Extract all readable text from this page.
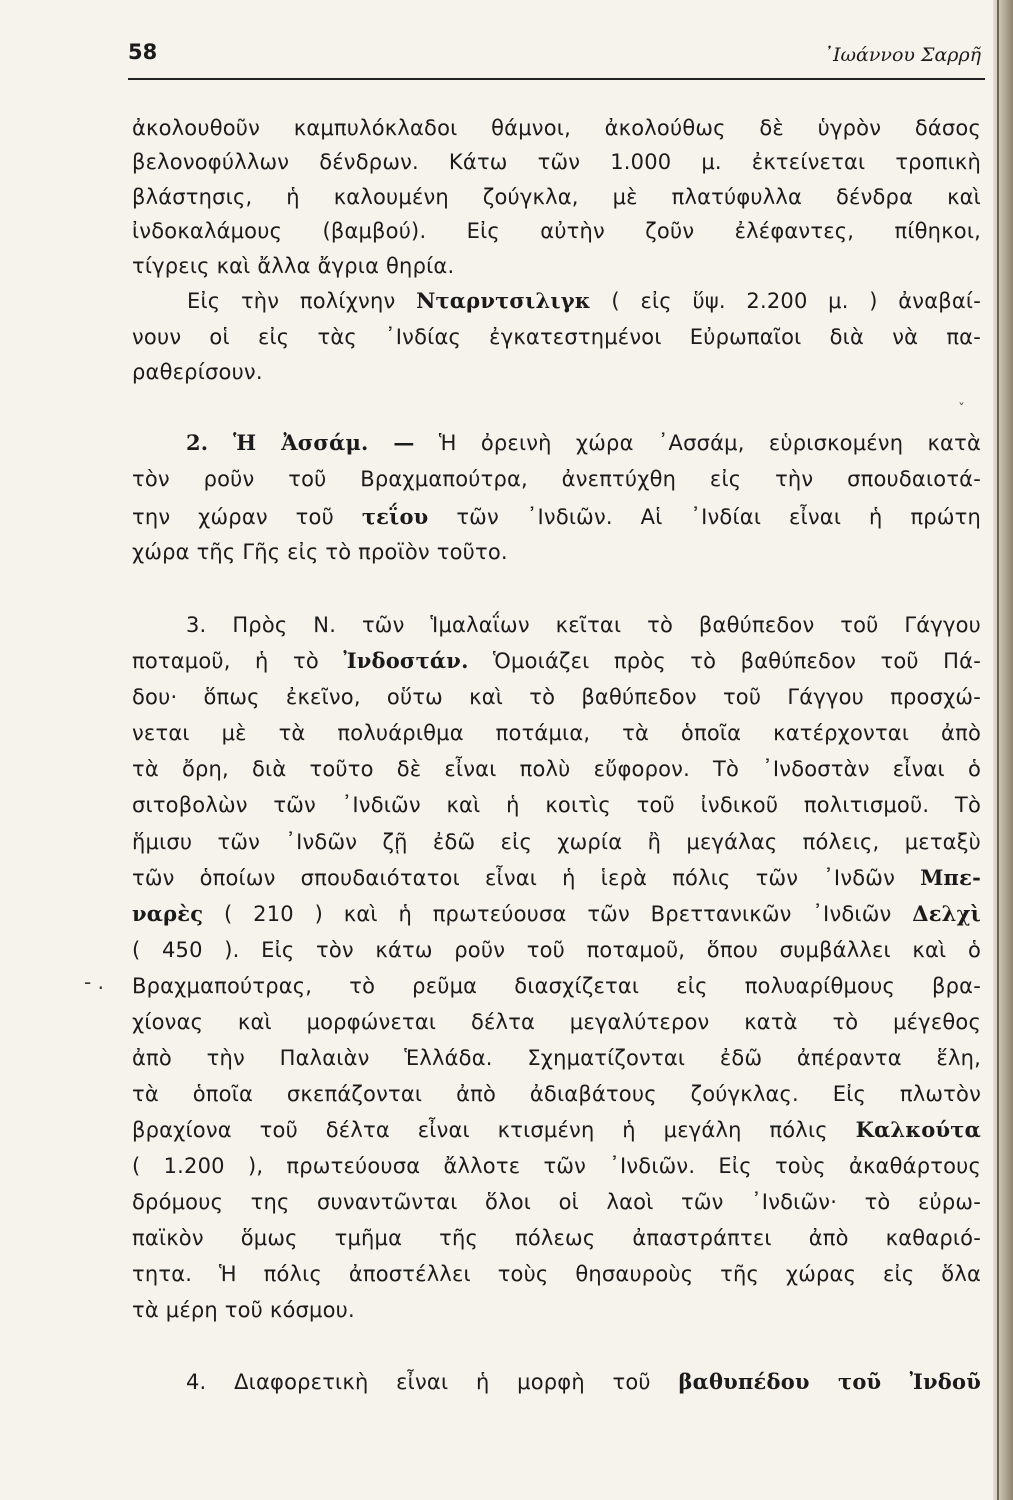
58	᾿Ιωάννου Σαρρῆ
ἀκολουθοῦν καμπυλόκλαδοι θάμνοι, ἀκολούθως δὲ ὑγρὸν δάσος
βελονοφύλλων δένδρων. Κάτω τῶν 1.000 μ. ἐκτείνεται τροπικὴ
βλάστησις, ἡ καλουμένη ζούγκλα, μὲ πλατύφυλλα δένδρα καὶ
ἰνδοκαλάμους (βαμβού). Εἰς αὐτὴν ζοῦν ἐλέφαντες, πίθηκοι,
τίγρεις καὶ ἄλλα ἄγρια θηρία.
Εἰς τὴν πολίχνην Νταρντσιλιγκ ( εἰς ὕψ. 2.200 μ. ) ἀναβαί-
νουν οἱ εἰς τὰς ᾿Ινδίας ἐγκατεστημένοι Εὐρωπαῖοι διὰ νὰ πα-
ραθερίσουν.
ˇ
2. Ἡ Ἀσσάμ. — Ἡ ὀρεινὴ χώρα ᾿Ασσάμ, εὑρισκομένη κατὰ
τὸν ροῦν τοῦ Βραχμαπούτρα, ἀνεπτύχθη εἰς τὴν σπουδαιοτά-
την χώραν τοῦ τεΐου τῶν ᾿Ινδιῶν. Αἱ ᾿Ινδίαι εἶναι ἡ πρώτη
χώρα τῆς Γῆς εἰς τὸ προϊὸν τοῦτο.
3. Πρὸς Ν. τῶν Ἱμαλαΐων κεῖται τὸ βαθύπεδον τοῦ Γάγγου
ποταμοῦ, ἡ τὸ Ἰνδοστάν. Ὁμοιάζει πρὸς τὸ βαθύπεδον τοῦ Πά-
δου· ὅπως ἐκεῖνο, οὕτω καὶ τὸ βαθύπεδον τοῦ Γάγγου προσχώ-
νεται μὲ τὰ πολυάριθμα ποτάμια, τὰ ὁποῖα κατέρχονται ἀπὸ
τὰ ὄρη, διὰ τοῦτο δὲ εἶναι πολὺ εὔφορον. Τὸ ᾿Ινδοστὰν εἶναι ὁ
σιτοβολὼν τῶν ᾿Ινδιῶν καὶ ἡ κοιτὶς τοῦ ἰνδικοῦ πολιτισμοῦ. Τὸ
ἥμισυ τῶν ᾿Ινδῶν ζῇ ἐδῶ εἰς χωρία ἢ μεγάλας πόλεις, μεταξὺ
τῶν ὁποίων σπουδαιότατοι εἶναι ἡ ἱερὰ πόλις τῶν ᾿Ινδῶν Μπε-
ναρὲς ( 210 ) καὶ ἡ πρωτεύουσα τῶν Βρεττανικῶν ᾿Ινδιῶν Δελχὶ
( 450 ). Εἰς τὸν κάτω ροῦν τοῦ ποταμοῦ, ὅπου συμβάλλει καὶ ὁ
Βραχμαπούτρας, τὸ ρεῦμα διασχίζεται εἰς πολυαρίθμους βρα-
χίονας καὶ μορφώνεται δέλτα μεγαλύτερον κατὰ τὸ μέγεθος
ἀπὸ τὴν Παλαιὰν Ἑλλάδα. Σχηματίζονται ἐδῶ ἀπέραντα ἕλη,
τὰ ὁποῖα σκεπάζονται ἀπὸ ἀδιαβάτους ζούγκλας. Εἰς πλωτὸν
βραχίονα τοῦ δέλτα εἶναι κτισμένη ἡ μεγάλη πόλις Καλκούτα
( 1.200 ), πρωτεύουσα ἄλλοτε τῶν ᾿Ινδιῶν. Εἰς τοὺς ἀκαθάρτους
δρόμους της συναντῶνται ὅλοι οἱ λαοὶ τῶν ᾿Ινδιῶν· τὸ εὐρω-
παϊκὸν ὅμως τμῆμα τῆς πόλεως ἀπαστράπτει ἀπὸ καθαριό-
τητα. Ἡ πόλις ἀποστέλλει τοὺς θησαυροὺς τῆς χώρας εἰς ὅλα
τὰ μέρη τοῦ κόσμου.
- .
4. Διαφορετικὴ εἶναι ἡ μορφὴ τοῦ βαθυπέδου τοῦ Ἰνδοῦ
